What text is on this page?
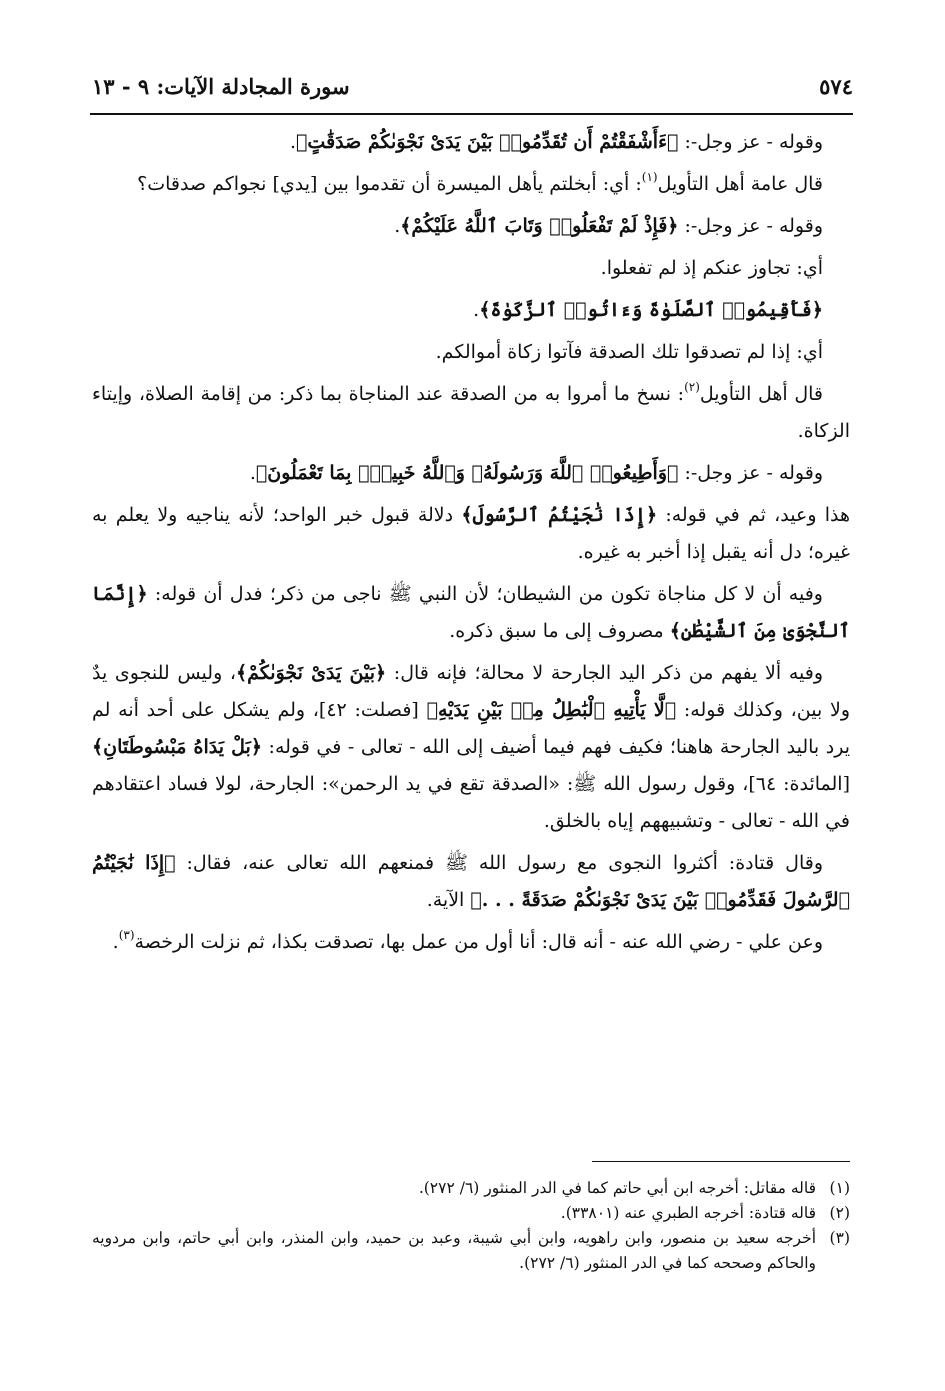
٥٧٤
سورة المجادلة الآيات: ٩ - ١٣

وقوله - عز وجل-: ﴿ءَأَشْفَقْتُمْ أَن تُقَدِّمُوا۟ بَيْنَ يَدَىْ نَجْوَىٰكُمْ صَدَقَٰتٍ﴾.

قال عامة أهل التأويل$^{(١)}$: أي: أبخلتم يأهل الميسرة أن تقدموا بين [يدي] نجواكم صدقات؟

وقوله - عز وجل-: ﴿فَإِذْ لَمْ تَفْعَلُوا۟ وَتَابَ ٱللَّهُ عَلَيْكُمْ﴾.

أي: تجاوز عنكم إذ لم تفعلوا.

﴿فَأَقِيمُوا۟ ٱلصَّلَوٰةَ وَءَاتُوا۟ ٱلزَّكَوٰةَ﴾.

أي: إذا لم تصدقوا تلك الصدقة فآتوا زكاة أموالكم.

قال أهل التأويل$^{(٢)}$: نسخ ما أمروا به من الصدقة عند المناجاة بما ذكر: من إقامة الصلاة، وإيتاء الزكاة.

وقوله - عز وجل-: ﴿وَأَطِيعُوا۟ ٱللَّهَ وَرَسُولَهُۥ وَٱللَّهُ خَبِيرٌۢ بِمَا تَعْمَلُونَ﴾.

هذا وعيد، ثم في قوله: ﴿إِذَا نَٰجَيْتُمُ ٱلرَّسُولَ﴾ دلالة قبول خبر الواحد؛ لأنه يناجيه ولا يعلم به غيره؛ دل أنه يقبل إذا أخبر به غيره.

وفيه أن لا كل مناجاة تكون من الشيطان؛ لأن النبي ﷺ ناجى من ذكر؛ فدل أن قوله: ﴿إِنَّمَا ٱلنَّجْوَىٰ مِنَ ٱلشَّيْطَٰنِ﴾ مصروف إلى ما سبق ذكره.

وفيه ألا يفهم من ذكر اليد الجارحة لا محالة؛ فإنه قال: ﴿بَيْنَ يَدَىْ نَجْوَىٰكُمْ﴾، وليس للنجوى يدٌ ولا بين، وكذلك قوله: ﴿لَّا يَأْتِيهِ ٱلْبَٰطِلُ مِنۢ بَيْنِ يَدَيْهِ﴾ [فصلت: ٤٢]، ولم يشكل على أحد أنه لم يرد باليد الجارحة هاهنا؛ فكيف فهم فيما أضيف إلى الله - تعالى - في قوله: ﴿بَلْ يَدَاهُ مَبْسُوطَتَانِ﴾ [المائدة: ٦٤]، وقول رسول الله ﷺ: «الصدقة تقع في يد الرحمن»: الجارحة، لولا فساد اعتقادهم في الله - تعالى - وتشبيههم إياه بالخلق.

وقال قتادة: أكثروا النجوى مع رسول الله ﷺ فمنعهم الله تعالى عنه، فقال: ﴿إِذَا نَٰجَيْتُمُ ٱلرَّسُولَ فَقَدِّمُوا۟ بَيْنَ يَدَىْ نَجْوَىٰكُمْ صَدَقَةً . . .﴾ الآية.

وعن علي - رضي الله عنه - أنه قال: أنا أول من عمل بها، تصدقت بكذا، ثم نزلت الرخصة$^{(٣)}$.

(١)
قاله مقاتل: أخرجه ابن أبي حاتم كما في الدر المنثور (٦/ ٢٧٢).
(٢)
قاله قتادة: أخرجه الطبري عنه (٣٣٨٠١).
(٣)
أخرجه سعيد بن منصور، وابن راهويه، وابن أبي شيبة، وعبد بن حميد، وابن المنذر، وابن أبي حاتم، وابن مردويه والحاكم وصححه كما في الدر المنثور (٦/ ٢٧٢).
